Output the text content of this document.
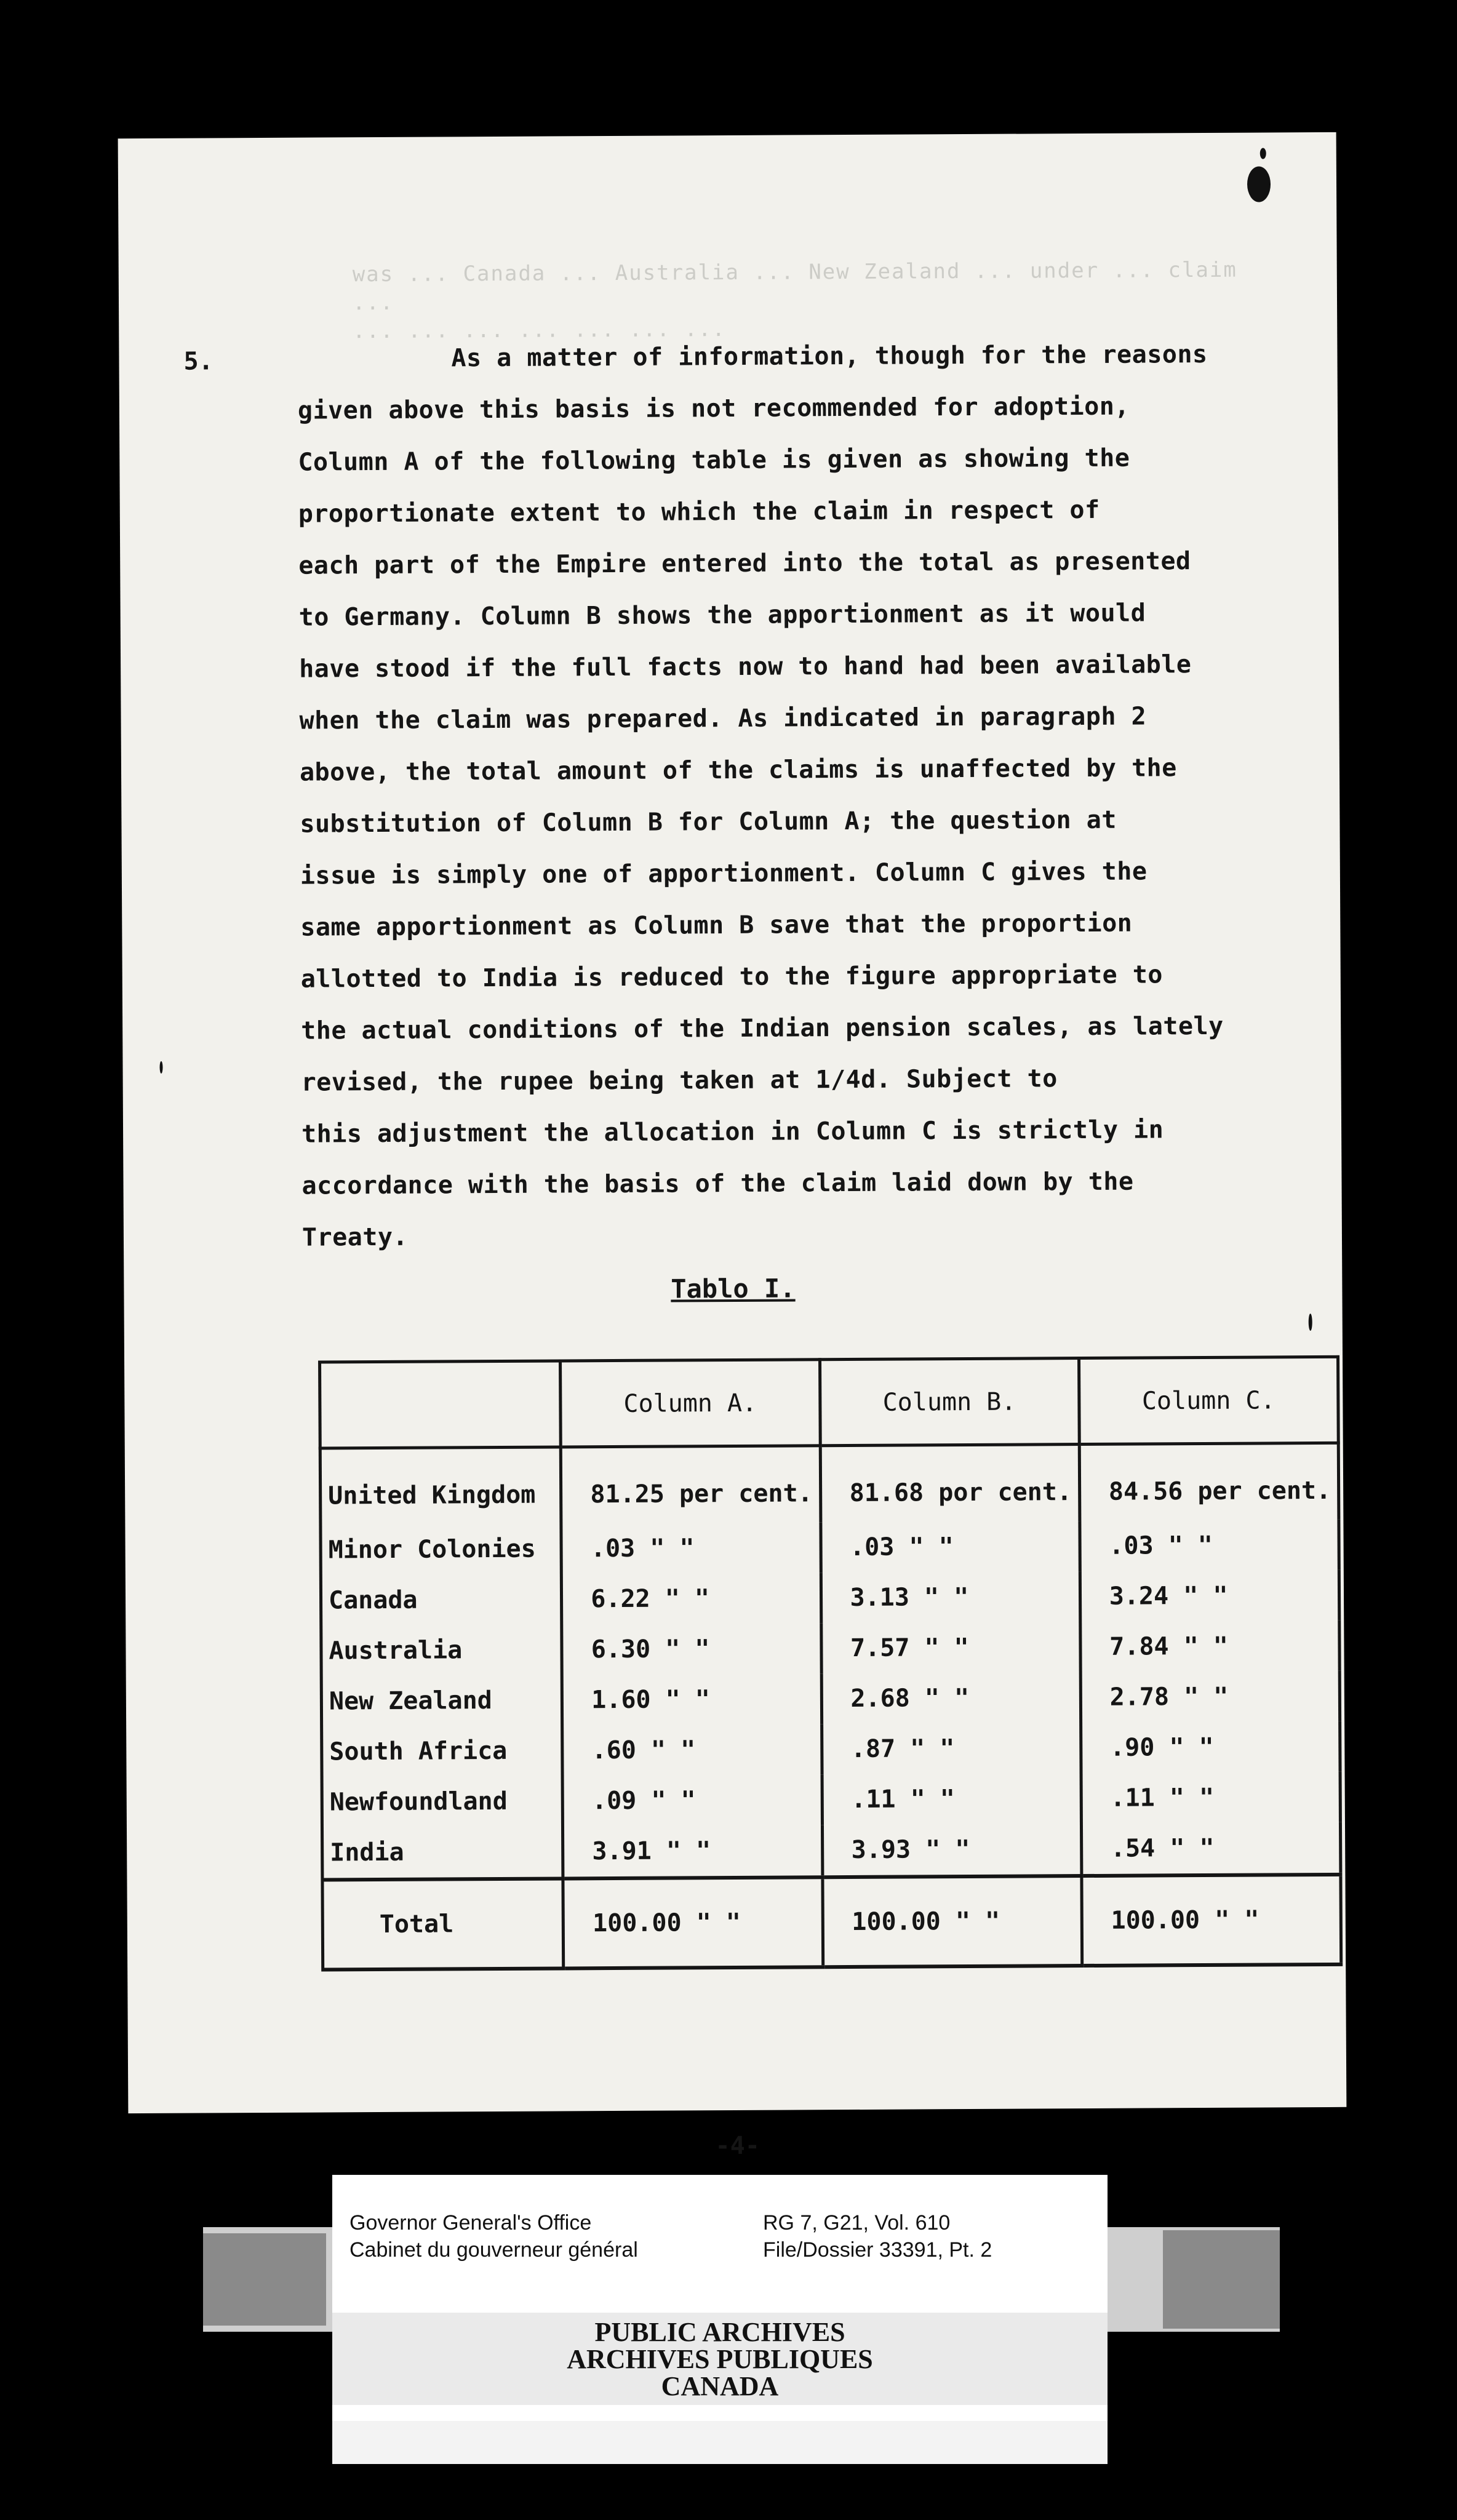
was ... Canada ... Australia ... New Zealand ... under ... claim ...
... ... ... ... ... ... ...
5.	As a matter of information, though for the reasons
given above this basis is not recommended for adoption,
Column A of the following table is given as showing the
proportionate extent to which the claim in respect of
each part of the Empire entered into the total as presented
to Germany. Column B shows the apportionment as it would
have stood if the full facts now to hand had been available
when the claim was prepared. As indicated in paragraph 2
above, the total amount of the claims is unaffected by the
substitution of Column B for Column A; the question at
issue is simply one of apportionment. Column C gives the
same apportionment as Column B save that the proportion
allotted to India is reduced to the figure appropriate to
the actual conditions of the Indian pension scales, as lately
revised, the rupee being taken at 1/4d. Subject to
this adjustment the allocation in Column C is strictly in
accordance with the basis of the claim laid down by the
Treaty.
Tablo I.
	Column A.	Column B.	Column C.
United Kingdom	81.25 per cent.	81.68 por cent.	84.56 per cent.
Minor Colonies	.03 " "	.03 " "	.03 " "
Canada	6.22 " "	3.13 " "	3.24 " "
Australia	6.30 " "	7.57 " "	7.84 " "
New Zealand	1.60 " "	2.68 " "	2.78 " "
South Africa	.60 " "	.87 " "	.90 " "
Newfoundland	.09 " "	.11 " "	.11 " "
India	3.91 " "	3.93 " "	.54 " "
Total	100.00 " "	100.00 " "	100.00 " "
-4-
Governor General's Office
Cabinet du gouverneur général
RG 7, G21, Vol. 610
File/Dossier 33391, Pt. 2
PUBLIC ARCHIVES
ARCHIVES PUBLIQUES
CANADA
